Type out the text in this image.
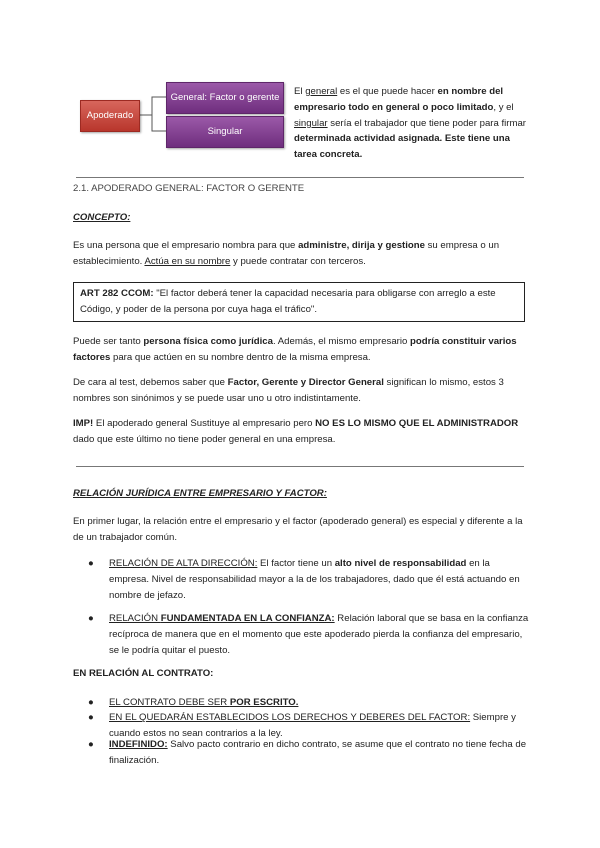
Apoderado
General: Factor o gerente
Singular
El general es el que puede hacer en nombre del empresario todo en general o poco limitado, y el singular sería el trabajador que tiene poder para firmar determinada actividad asignada. Este tiene una tarea concreta.
2.1. APODERADO GENERAL: FACTOR O GERENTE
CONCEPTO:
Es una persona que el empresario nombra para que administre, dirija y gestione su empresa o un establecimiento. Actúa en su nombre y puede contratar con terceros.
ART 282 CCOM: "El factor deberá tener la capacidad necesaria para obligarse con arreglo a este Código, y poder de la persona por cuya haga el tráfico".
Puede ser tanto persona física como jurídica. Además, el mismo empresario podría constituir varios factores para que actúen en su nombre dentro de la misma empresa.
De cara al test, debemos saber que Factor, Gerente y Director General significan lo mismo, estos 3 nombres son sinónimos y se puede usar uno u otro indistintamente.
IMP! El apoderado general Sustituye al empresario pero NO ES LO MISMO QUE EL ADMINISTRADOR dado que este último no tiene poder general en una empresa.
RELACIÓN JURÍDICA ENTRE EMPRESARIO Y FACTOR:
En primer lugar, la relación entre el empresario y el factor (apoderado general) es especial y diferente a la de un trabajador común.
● RELACIÓN DE ALTA DIRECCIÓN: El factor tiene un alto nivel de responsabilidad en la empresa. Nivel de responsabilidad mayor a la de los trabajadores, dado que él está actuando en nombre de jefazo.
● RELACIÓN FUNDAMENTADA EN LA CONFIANZA: Relación laboral que se basa en la confianza recíproca de manera que en el momento que este apoderado pierda la confianza del empresario, se le podría quitar el puesto.
EN RELACIÓN AL CONTRATO:
● EL CONTRATO DEBE SER POR ESCRITO.
● EN EL QUEDARÁN ESTABLECIDOS LOS DERECHOS Y DEBERES DEL FACTOR: Siempre y cuando estos no sean contrarios a la ley.
● INDEFINIDO: Salvo pacto contrario en dicho contrato, se asume que el contrato no tiene fecha de finalización.
